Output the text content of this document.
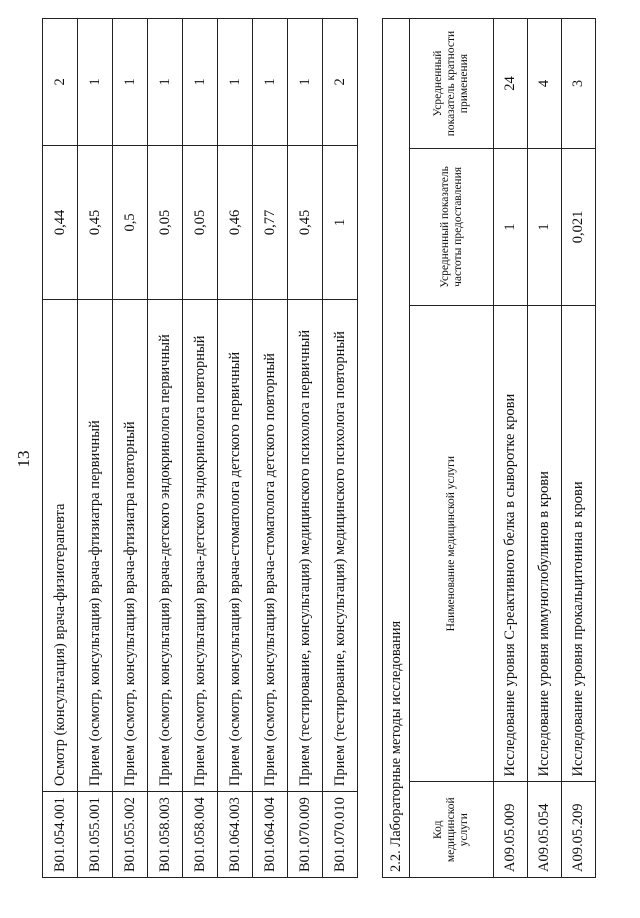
13
В01.054.001	Осмотр (консультация) врача-физиотерапевта	0,44	2
В01.055.001	Прием (осмотр, консультация) врача-фтизиатра первичный	0,45	1
В01.055.002	Прием (осмотр, консультация) врача-фтизиатра повторный	0,5	1
В01.058.003	Прием (осмотр, консультация) врача-детского эндокринолога первичный	0,05	1
В01.058.004	Прием (осмотр, консультация) врача-детского эндокринолога повторный	0,05	1
В01.064.003	Прием (осмотр, консультация) врача-стоматолога детского первичный	0,46	1
В01.064.004	Прием (осмотр, консультация) врача-стоматолога детского повторный	0,77	1
В01.070.009	Прием (тестирование, консультация) медицинского психолога первичный	0,45	1
В01.070.010	Прием (тестирование, консультация) медицинского психолога повторный	1	2
2.2. Лабораторные методы исследования			
Код медицинской услуги	Наименование медицинской услуги	Усредненный показатель частоты предоставления	Усредненный показатель кратности применения
А09.05.009	Исследование уровня С-реактивного белка в сыворотке крови	1	24
А09.05.054	Исследование уровня иммуноглобулинов в крови	1	4
А09.05.209	Исследование уровня прокальцитонина в крови	0,021	3
